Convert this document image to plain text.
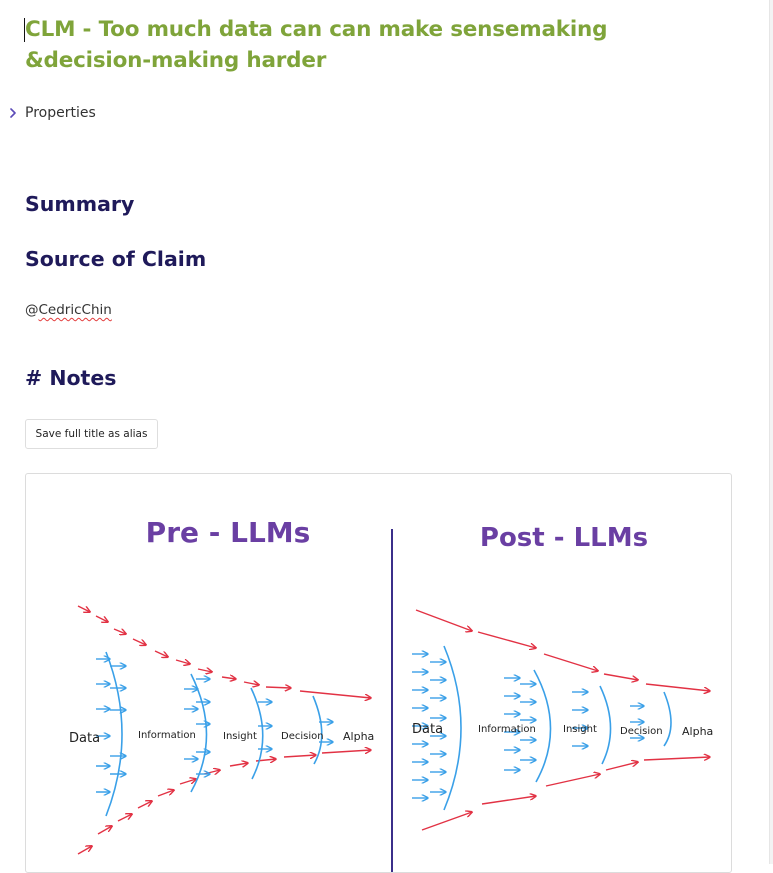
CLM - Too much data can can make sensemaking &decision-making harder
Properties
Summary
Source of Claim
@CedricChin
# Notes
Save full title as alias
Pre - LLMs	Post - LLMs
Data	Information	Insight Decision Alpha	Data	Information	Insight Decision Alpha
